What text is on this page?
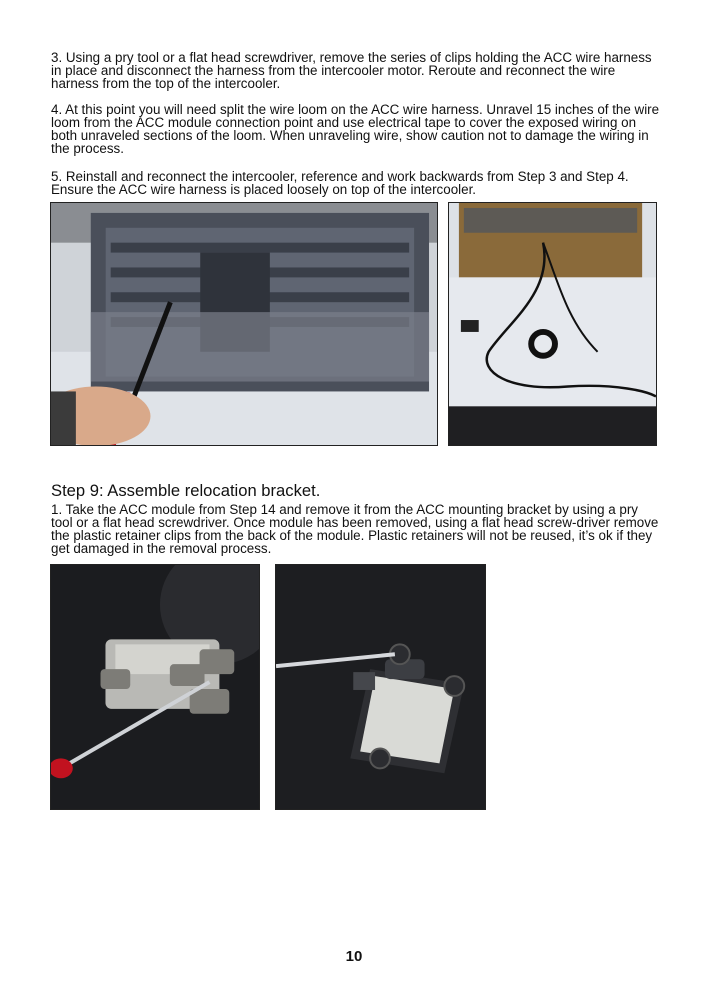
3. Using a pry tool or a flat head screwdriver, remove the series of clips holding the ACC wire harness in place and disconnect the harness from the intercooler motor. Reroute and reconnect the wire harness from the top of the intercooler.
4. At this point you will need split the wire loom on the ACC wire harness. Unravel 15 inches of the wire loom from the ACC module connection point and use electrical tape to cover the exposed wiring on both unraveled sections of the loom. When unraveling wire, show caution not to damage the wiring in the process.
5. Reinstall and reconnect the intercooler, reference and work backwards from Step 3 and Step 4. Ensure the ACC wire harness is placed loosely on top of the intercooler.
Step 9: Assemble relocation bracket.
1. Take the ACC module from Step 14 and remove it from the ACC mounting bracket by using a pry tool or a flat head screwdriver. Once module has been removed, using a flat head screw-driver remove the plastic retainer clips from the back of the module. Plastic retainers will not be reused, it’s ok if they get damaged in the removal process.
10
